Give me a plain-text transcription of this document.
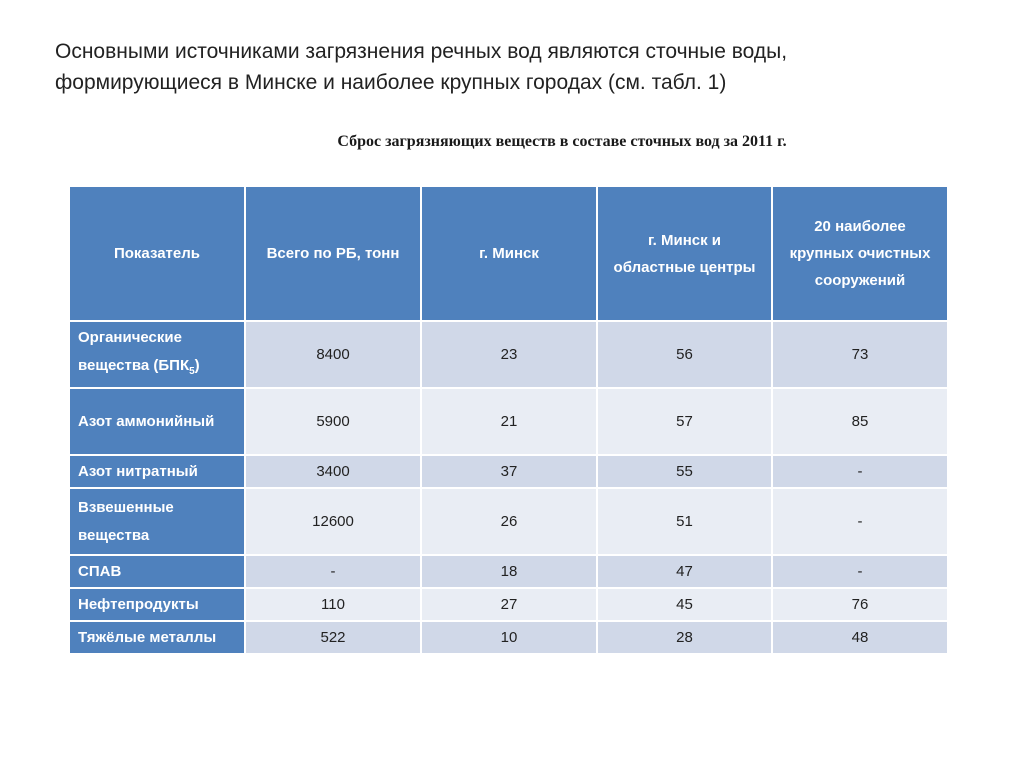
Основными источниками загрязнения речных вод являются сточные воды,
формирующиеся в Минске и наиболее крупных городах (см. табл. 1)
Сброс загрязняющих веществ в составе сточных вод за 2011 г.
Показатель	Всего по РБ, тонн	г. Минск	г. Минск и областные центры	20 наиболее крупных очистных сооружений
Органические вещества $(БПК_5)$	8400	23	56	73
Азот аммонийный	5900	21	57	85
Азот нитратный	3400	37	55	-
Взвешенные вещества	12600	26	51	-
СПАВ	-	18	47	-
Нефтепродукты	110	27	45	76
Тяжёлые металлы	522	10	28	48
